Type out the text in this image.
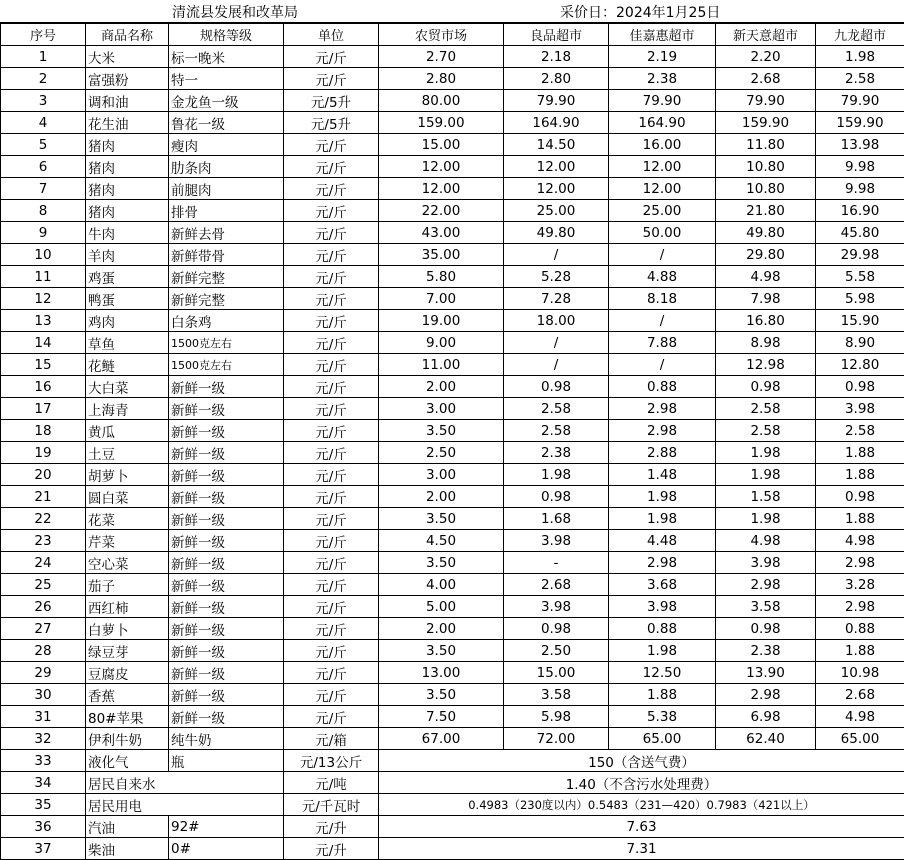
清流县发展和改革局	采价日：2024年1月25日
序号	商品名称	规格等级	单位	农贸市场	良品超市	佳嘉惠超市	新天意超市	九龙超市
1	大米	标一晚米	元/斤	2.70	2.18	2.19	2.20	1.98
2	富强粉	特一	元/斤	2.80	2.80	2.38	2.68	2.58
3	调和油	金龙鱼一级	元/5升	80.00	79.90	79.90	79.90	79.90
4	花生油	鲁花一级	元/5升	159.00	164.90	164.90	159.90	159.90
5	猪肉	瘦肉	元/斤	15.00	14.50	16.00	11.80	13.98
6	猪肉	肋条肉	元/斤	12.00	12.00	12.00	10.80	9.98
7	猪肉	前腿肉	元/斤	12.00	12.00	12.00	10.80	9.98
8	猪肉	排骨	元/斤	22.00	25.00	25.00	21.80	16.90
9	牛肉	新鲜去骨	元/斤	43.00	49.80	50.00	49.80	45.80
10	羊肉	新鲜带骨	元/斤	35.00	/	/	29.80	29.98
11	鸡蛋	新鲜完整	元/斤	5.80	5.28	4.88	4.98	5.58
12	鸭蛋	新鲜完整	元/斤	7.00	7.28	8.18	7.98	5.98
13	鸡肉	白条鸡	元/斤	19.00	18.00	/	16.80	15.90
14	草鱼	1500克左右	元/斤	9.00	/	7.88	8.98	8.90
15	花鲢	1500克左右	元/斤	11.00	/	/	12.98	12.80
16	大白菜	新鲜一级	元/斤	2.00	0.98	0.88	0.98	0.98
17	上海青	新鲜一级	元/斤	3.00	2.58	2.98	2.58	3.98
18	黄瓜	新鲜一级	元/斤	3.50	2.58	2.98	2.58	2.58
19	土豆	新鲜一级	元/斤	2.50	2.38	2.88	1.98	1.88
20	胡萝卜	新鲜一级	元/斤	3.00	1.98	1.48	1.98	1.88
21	圆白菜	新鲜一级	元/斤	2.00	0.98	1.98	1.58	0.98
22	花菜	新鲜一级	元/斤	3.50	1.68	1.98	1.98	1.88
23	芹菜	新鲜一级	元/斤	4.50	3.98	4.48	4.98	4.98
24	空心菜	新鲜一级	元/斤	3.50	-	2.98	3.98	2.98
25	茄子	新鲜一级	元/斤	4.00	2.68	3.68	2.98	3.28
26	西红柿	新鲜一级	元/斤	5.00	3.98	3.98	3.58	2.98
27	白萝卜	新鲜一级	元/斤	2.00	0.98	0.88	0.98	0.88
28	绿豆芽	新鲜一级	元/斤	3.50	2.50	1.98	2.38	1.88
29	豆腐皮	新鲜一级	元/斤	13.00	15.00	12.50	13.90	10.98
30	香蕉	新鲜一级	元/斤	3.50	3.58	1.88	2.98	2.68
31	80#苹果	新鲜一级	元/斤	7.50	5.98	5.38	6.98	4.98
32	伊利牛奶	纯牛奶	元/箱	67.00	72.00	65.00	62.40	65.00
33	液化气	瓶	元/13公斤	150（含送气费）				
34	居民自来水		元/吨	1.40（不含污水处理费）				
35	居民用电		元/千瓦时	0.4983（230度以内）0.5483（231—420）0.7983（421以上）				
36	汽油	92#	元/升	7.63				
37	柴油	0#	元/升	7.31				
